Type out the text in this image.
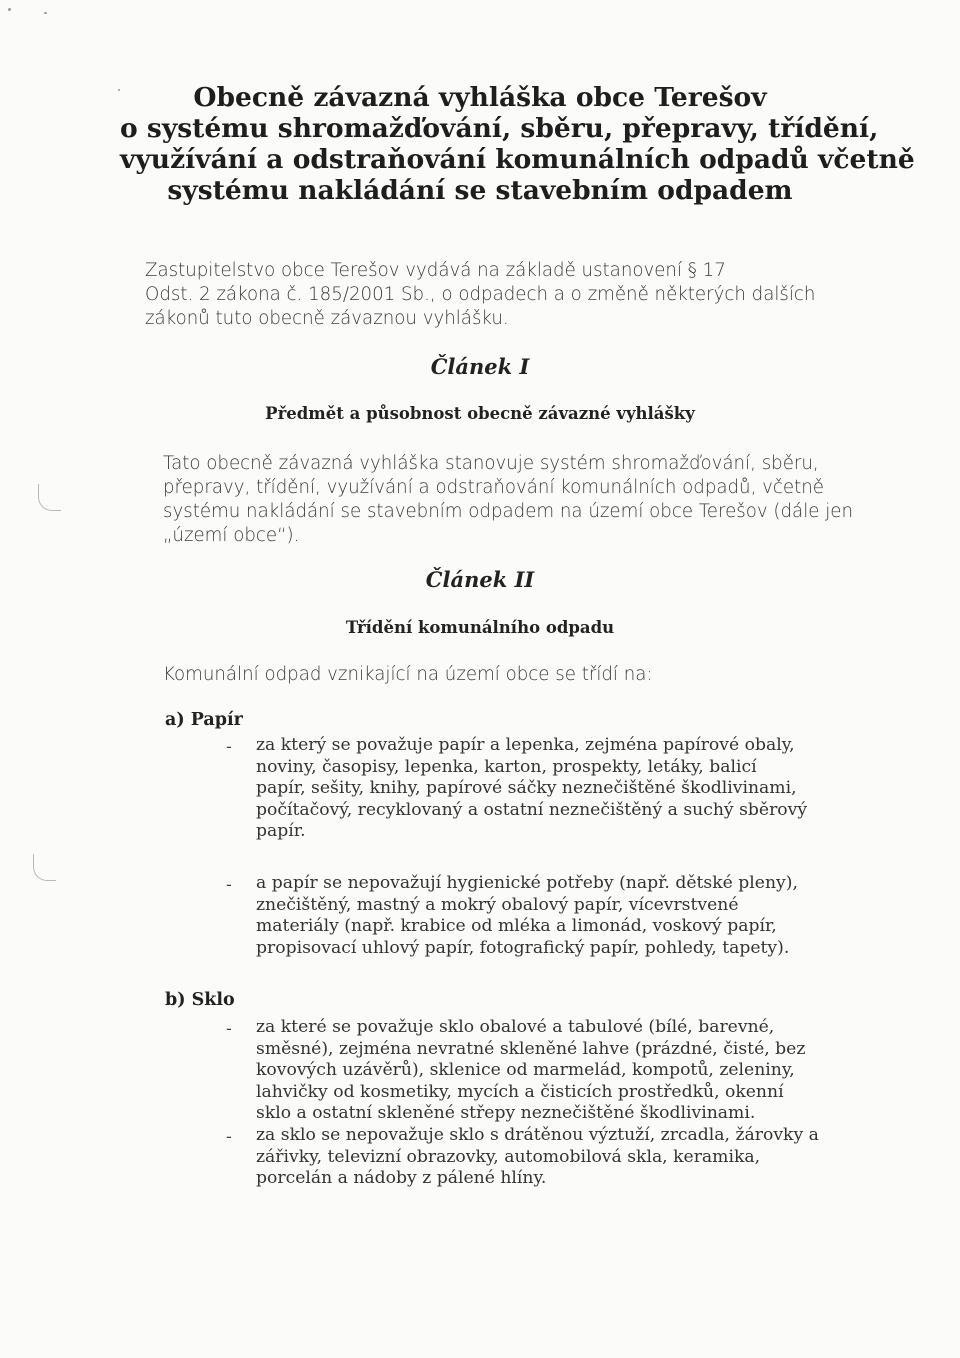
Obecně závazná vyhláška obce Terešov
o systému shromažďování, sběru, přepravy, třídění,
využívání a odstraňování komunálních odpadů včetně
systému nakládání se stavebním odpadem
Zastupitelstvo obce Terešov vydává na základě ustanovení § 17
Odst. 2 zákona č. 185/2001 Sb., o odpadech a o změně některých dalších
zákonů tuto obecně závaznou vyhlášku.
Článek I
Předmět a působnost obecně závazné vyhlášky
Tato obecně závazná vyhláška stanovuje systém shromažďování, sběru,
přepravy, třídění, využívání a odstraňování komunálních odpadů, včetně
systému nakládání se stavebním odpadem na území obce Terešov (dále jen
„území obce“).
Článek II
Třídění komunálního odpadu
Komunální odpad vznikající na území obce se třídí na:
a) Papír
- za který se považuje papír a lepenka, zejména papírové obaly,
noviny, časopisy, lepenka, karton, prospekty, letáky, balicí
papír, sešity, knihy, papírové sáčky neznečištěné škodlivinami,
počítačový, recyklovaný a ostatní neznečištěný a suchý sběrový
papír.
- a papír se nepovažují hygienické potřeby (např. dětské pleny),
znečištěný, mastný a mokrý obalový papír, vícevrstvené
materiály (např. krabice od mléka a limonád, voskový papír,
propisovací uhlový papír, fotografický papír, pohledy, tapety).
b) Sklo
- za které se považuje sklo obalové a tabulové (bílé, barevné,
směsné), zejména nevratné skleněné lahve (prázdné, čisté, bez
kovových uzávěrů), sklenice od marmelád, kompotů, zeleniny,
lahvičky od kosmetiky, mycích a čisticích prostředků, okenní
sklo a ostatní skleněné střepy neznečištěné škodlivinami.
- za sklo se nepovažuje sklo s drátěnou výztuží, zrcadla, žárovky a
zářivky, televizní obrazovky, automobilová skla, keramika,
porcelán a nádoby z pálené hlíny.
